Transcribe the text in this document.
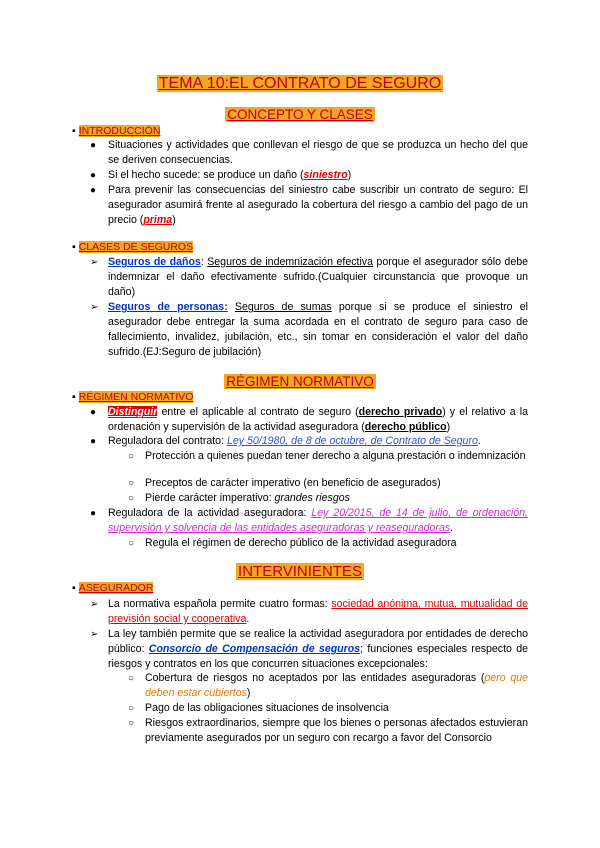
TEMA 10:EL CONTRATO DE SEGURO
CONCEPTO Y CLASES
▪ INTRODUCCIÓN
● Situaciones y actividades que conllevan el riesgo de que se produzca un hecho del que se deriven consecuencias.
● Si el hecho sucede: se produce un daño (siniestro)
● Para prevenir las consecuencias del siniestro cabe suscribir un contrato de seguro: El asegurador asumirá frente al asegurado la cobertura del riesgo a cambio del pago de un precio (prima)
▪ CLASES DE SEGUROS
➢ Seguros de daños: Seguros de indemnización efectiva porque el asegurador sólo debe indemnizar el daño efectivamente sufrido.(Cualquier circunstancia que provoque un daño)
➢ Seguros de personas: Seguros de sumas porque si se produce el siniestro el asegurador debe entregar la suma acordada en el contrato de seguro para caso de fallecimiento, invalidez, jubilación, etc., sin tomar en consideración el valor del daño sufrido.(EJ:Seguro de jubilación)
RÉGIMEN NORMATIVO
▪ RÉGIMEN NORMATIVO
● Distinguir entre el aplicable al contrato de seguro (derecho privado) y el relativo a la ordenación y supervisión de la actividad aseguradora (derecho público)
● Reguladora del contrato: Ley 50/1980, de 8 de octubre, de Contrato de Seguro.
○ Protección a quienes puedan tener derecho a alguna prestación o indemnización
○ Preceptos de carácter imperativo (en beneficio de asegurados)
○ Pierde carácter imperativo: grandes riesgos
● Reguladora de la actividad aseguradora: Ley 20/2015, de 14 de julio, de ordenación, supervisión y solvencia de las entidades aseguradoras y reaseguradoras.
○ Regula el régimen de derecho público de la actividad aseguradora
INTERVINIENTES
▪ ASEGURADOR
➢ La normativa española permite cuatro formas: sociedad anónima, mutua, mutualidad de previsión social y cooperativa.
➢ La ley también permite que se realice la actividad aseguradora por entidades de derecho público: Consorcio de Compensación de seguros; funciones especiales respecto de riesgos y contratos en los que concurren situaciones excepcionales:
○ Cobertura de riesgos no aceptados por las entidades aseguradoras (pero que deben estar cubiertos)
○ Pago de las obligaciones situaciones de insolvencia
○ Riesgos extraordinarios, siempre que los bienes o personas afectados estuvieran previamente asegurados por un seguro con recargo a favor del Consorcio
